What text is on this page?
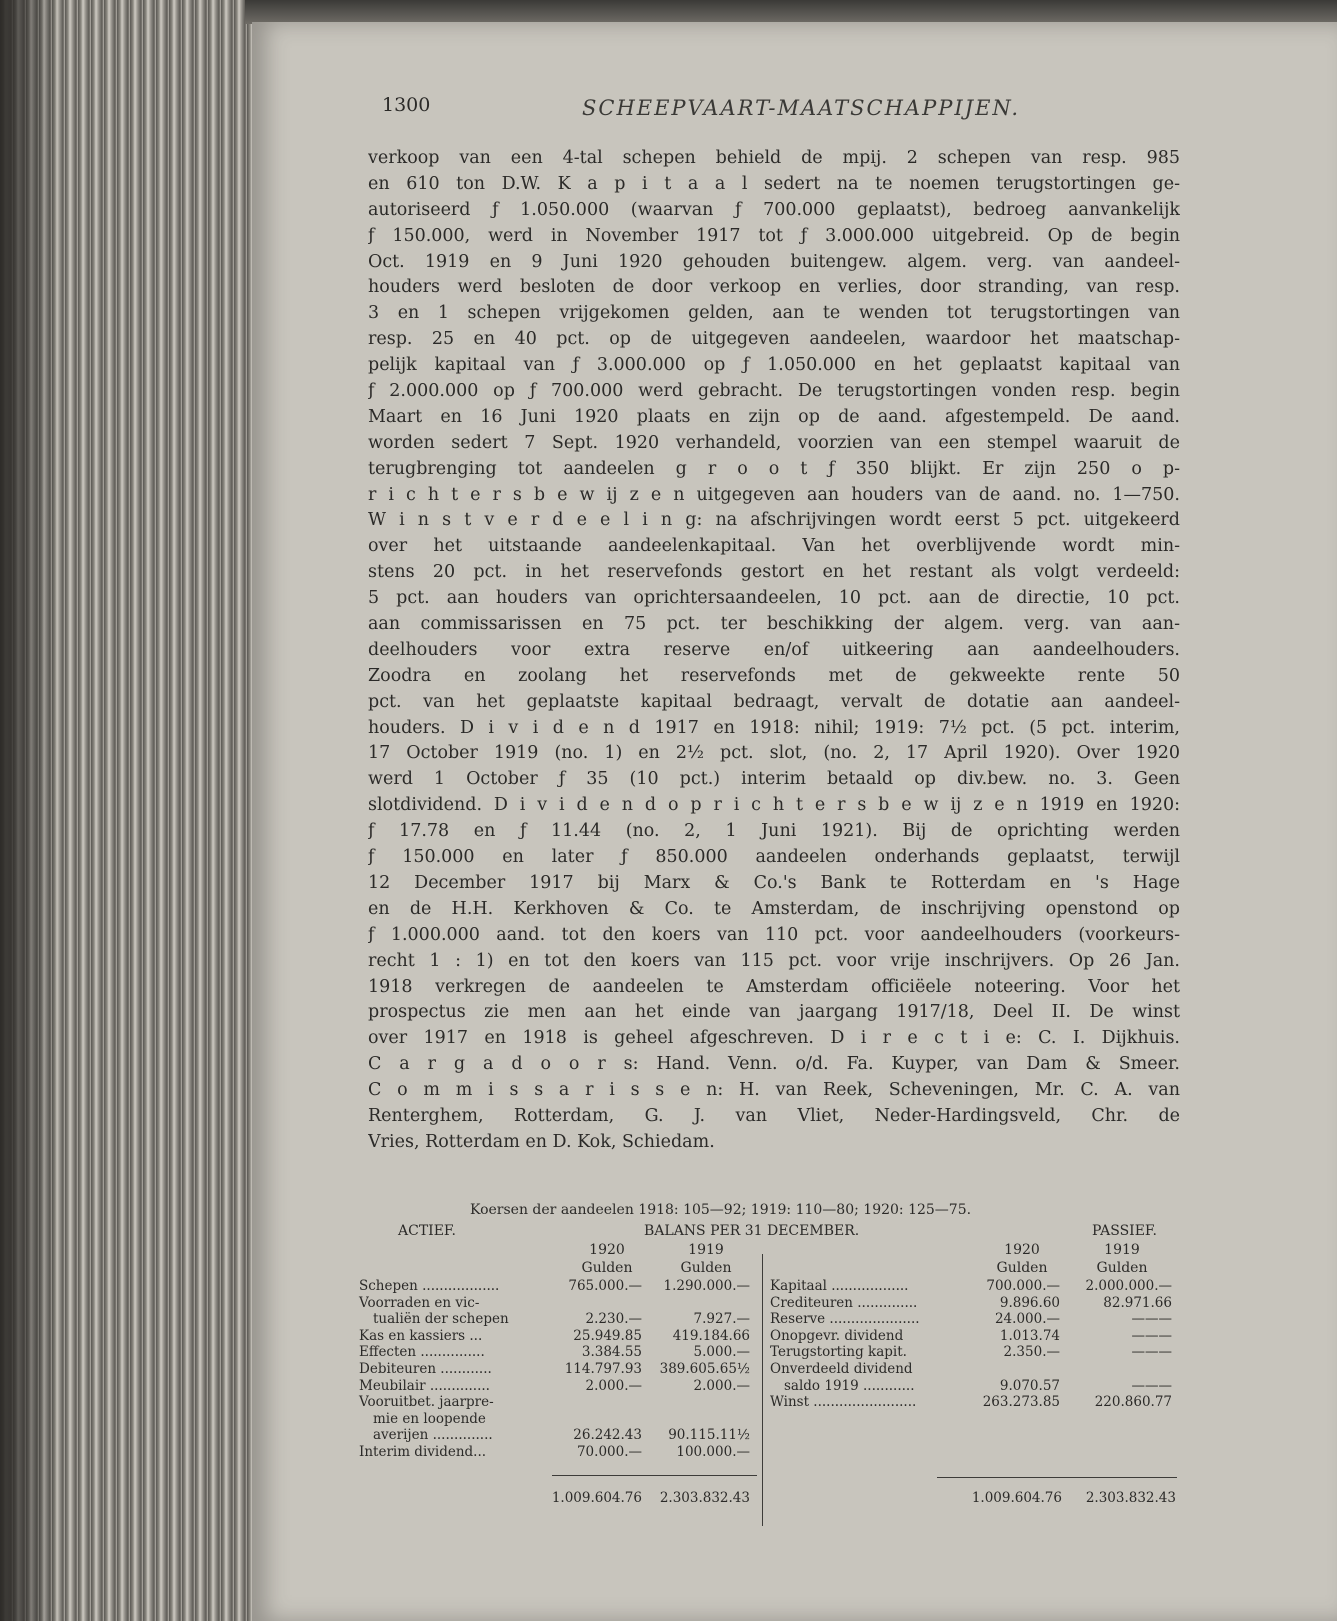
1300	SCHEEPVAART-MAATSCHAPPIJEN.
verkoop van een 4-tal schepen behield de mpij. 2 schepen van resp. 985
en 610 ton D.W. K a p i t a a l sedert na te noemen terugstortingen ge-
autoriseerd ƒ 1.050.000 (waarvan ƒ 700.000 geplaatst), bedroeg aanvankelijk
ƒ 150.000, werd in November 1917 tot ƒ 3.000.000 uitgebreid. Op de begin
Oct. 1919 en 9 Juni 1920 gehouden buitengew. algem. verg. van aandeel-
houders werd besloten de door verkoop en verlies, door stranding, van resp.
3 en 1 schepen vrijgekomen gelden, aan te wenden tot terugstortingen van
resp. 25 en 40 pct. op de uitgegeven aandeelen, waardoor het maatschap-
pelijk kapitaal van ƒ 3.000.000 op ƒ 1.050.000 en het geplaatst kapitaal van
ƒ 2.000.000 op ƒ 700.000 werd gebracht. De terugstortingen vonden resp. begin
Maart en 16 Juni 1920 plaats en zijn op de aand. afgestempeld. De aand.
worden sedert 7 Sept. 1920 verhandeld, voorzien van een stempel waaruit de
terugbrenging tot aandeelen g r o o t ƒ 350 blijkt. Er zijn 250 o p-
r i c h t e r s b e w ij z e n uitgegeven aan houders van de aand. no. 1—750.
W i n s t v e r d e e l i n g: na afschrijvingen wordt eerst 5 pct. uitgekeerd
over het uitstaande aandeelenkapitaal. Van het overblijvende wordt min-
stens 20 pct. in het reservefonds gestort en het restant als volgt verdeeld:
5 pct. aan houders van oprichtersaandeelen, 10 pct. aan de directie, 10 pct.
aan commissarissen en 75 pct. ter beschikking der algem. verg. van aan-
deelhouders voor extra reserve en/of uitkeering aan aandeelhouders.
Zoodra en zoolang het reservefonds met de gekweekte rente 50
pct. van het geplaatste kapitaal bedraagt, vervalt de dotatie aan aandeel-
houders. D i v i d e n d 1917 en 1918: nihil; 1919: 7½ pct. (5 pct. interim,
17 October 1919 (no. 1) en 2½ pct. slot, (no. 2, 17 April 1920). Over 1920
werd 1 October ƒ 35 (10 pct.) interim betaald op div.bew. no. 3. Geen
slotdividend. D i v i d e n d o p r i c h t e r s b e w ij z e n 1919 en 1920:
ƒ 17.78 en ƒ 11.44 (no. 2, 1 Juni 1921). Bij de oprichting werden
ƒ 150.000 en later ƒ 850.000 aandeelen onderhands geplaatst, terwijl
12 December 1917 bij Marx & Co.'s Bank te Rotterdam en 's Hage
en de H.H. Kerkhoven & Co. te Amsterdam, de inschrijving openstond op
ƒ 1.000.000 aand. tot den koers van 110 pct. voor aandeelhouders (voorkeurs-
recht 1 : 1) en tot den koers van 115 pct. voor vrije inschrijvers. Op 26 Jan.
1918 verkregen de aandeelen te Amsterdam officiëele noteering. Voor het
prospectus zie men aan het einde van jaargang 1917/18, Deel II. De winst
over 1917 en 1918 is geheel afgeschreven. D i r e c t i e: C. I. Dijkhuis.
C a r g a d o o r s: Hand. Venn. o/d. Fa. Kuyper, van Dam & Smeer.
C o m m i s s a r i s s e n: H. van Reek, Scheveningen, Mr. C. A. van
Renterghem, Rotterdam, G. J. van Vliet, Neder-Hardingsveld, Chr. de
Vries, Rotterdam en D. Kok, Schiedam.
Koersen der aandeelen 1918: 105—92; 1919: 110—80; 1920: 125—75.
ACTIEF.	BALANS PER 31 DECEMBER.	PASSIEF.
1920	1919
Gulden	Gulden
1920	1919
Gulden	Gulden
Schepen ..................	765.000.—	1.290.000.—
Voorraden en vic-
tualiën der schepen	2.230.—	7.927.—
Kas en kassiers ...	25.949.85	419.184.66
Effecten ...............	3.384.55	5.000.—
Debiteuren ............	114.797.93	389.605.65½
Meubilair ..............	2.000.—	2.000.—
Vooruitbet. jaarpre-
mie en loopende
averijen ..............	26.242.43	90.115.11½
Interim dividend...	70.000.—	100.000.—
Kapitaal ..................	700.000.—	2.000.000.—
Crediteuren ..............	9.896.60	82.971.66
Reserve .....................	24.000.—	———
Onopgevr. dividend	1.013.74	———
Terugstorting kapit.	2.350.—	———
Onverdeeld dividend
saldo 1919 ............	9.070.57	———
Winst ........................	263.273.85	220.860.77
1.009.604.76	2.303.832.43	1.009.604.76	2.303.832.43
